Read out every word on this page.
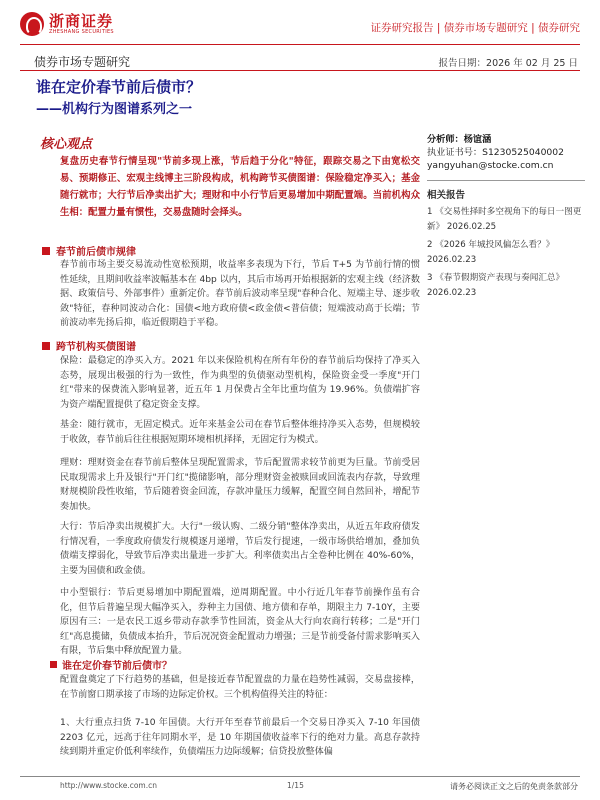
浙商证券
ZHESHANG SECURITIES	证券研究报告 | 债券市场专题研究 | 债券研究
债券市场专题研究	报告日期：2026 年 02 月 25 日
谁在定价春节前后债市？
——机构行为图谱系列之一
核心观点
复盘历史春节行情呈现"节前多现上涨，节后趋于分化"特征，跟踪交易之下由宽松交易、预期修正、宏观主线博主三阶段构成，机构跨节买债图谱：保险稳定净买入；基金随行就市；大行节后净卖出扩大；理财和中小行节后更易增加中期配置端。当前机构众生相：配置力量有惯性，交易盘随时会择头。
春节前后债市规律
春节前市场主要交易流动性宽松预期，收益率多表现为下行，节后 T+5 为节前行情的惯性延续，且期间收益率波幅基本在 4bp 以内，其后市场再开始根据新的宏观主线（经济数据、政策信号、外部事件）重新定价。春节前后波动率呈现"春种合化、短端主导、逐步收敛"特征，春种同波动合化：国债<地方政府债<政金债<普信债；短端波动高于长端；节前波动率先扬后抑，临近假期趋于平稳。
跨节机构买债图谱
保险：最稳定的净买入方。2021 年以来保险机构在所有年份的春节前后均保持了净买入态势，展现出极强的行为一致性，作为典型的负债驱动型机构，保险资金受一季度"开门红"带来的保费流入影响显著，近五年 1 月保费占全年比重均值为 19.96%。负债端扩容为资产端配置提供了稳定资金支撑。
基金：随行就市，无固定模式。近年来基金公司在春节后整体维持净买入态势，但规模较于收敛，春节前后往往根据短期环境相机择择，无固定行为模式。
理财：理财资金在春节前后整体呈现配置需求，节后配置需求较节前更为巨量。节前受居民取现需求上升及银行"开门红"揽储影响，部分理财资金被赎回或回流表内存款，导致理财规模阶段性收缩，节后随着资金回流，存款冲量压力缓解，配置空间自然回补，增配节奏加快。
大行：节后净卖出规模扩大。大行"一级认购、二级分销"整体净卖出，从近五年政府债发行情况看，一季度政府债发行规模逐月递增，节后发行提速，一级市场供给增加，叠加负债端支撑弱化，导致节后净卖出量进一步扩大。利率债卖出占全卷种比例在 40%-60%，主要为国债和政金债。
中小型银行：节后更易增加中期配置端，逆周期配置。中小行近几年春节前操作虽有合化，但节后普遍呈现大幅净买入，券种主力国债、地方债和存单，期限主力 7-10Y，主要原因有三：一是农民工返乡带动存款季节性回流，资金从大行向农商行转移；二是"开门红"高息揽储，负债成本抬升，节后况况资金配置动力增强；三是节前受备付需求影响买入有限，节后集中释放配置力量。
谁在定价春节前后债市？
配置盘奠定了下行趋势的基础，但是接近春节配置盘的力量在趋势性减弱，交易盘接棒，在节前窗口期承接了市场的边际定价权。三个机构值得关注的特征：
1、大行重点扫货 7-10 年国债。大行开年至春节前最后一个交易日净买入 7-10 年国债 2203 亿元，远高于往年同期水平，是 10 年期国债收益率下行的绝对力量。高息存款持续到期并重定价低利率续作，负债端压力边际缓解；信贷投放整体偏
分析师：杨谊涵
执业证书号：S1230525040002
yangyuhan@stocke.com.cn
相关报告
1 《交易性择时多空视角下的每日一图更新》 2026.02.25
2 《2026 年城投风偏怎么看？》 2026.02.23
3 《春节假期资产表现与奏闻汇总》 2026.02.23
http://www.stocke.com.cn	1/15	请务必阅读正文之后的免责条款部分
